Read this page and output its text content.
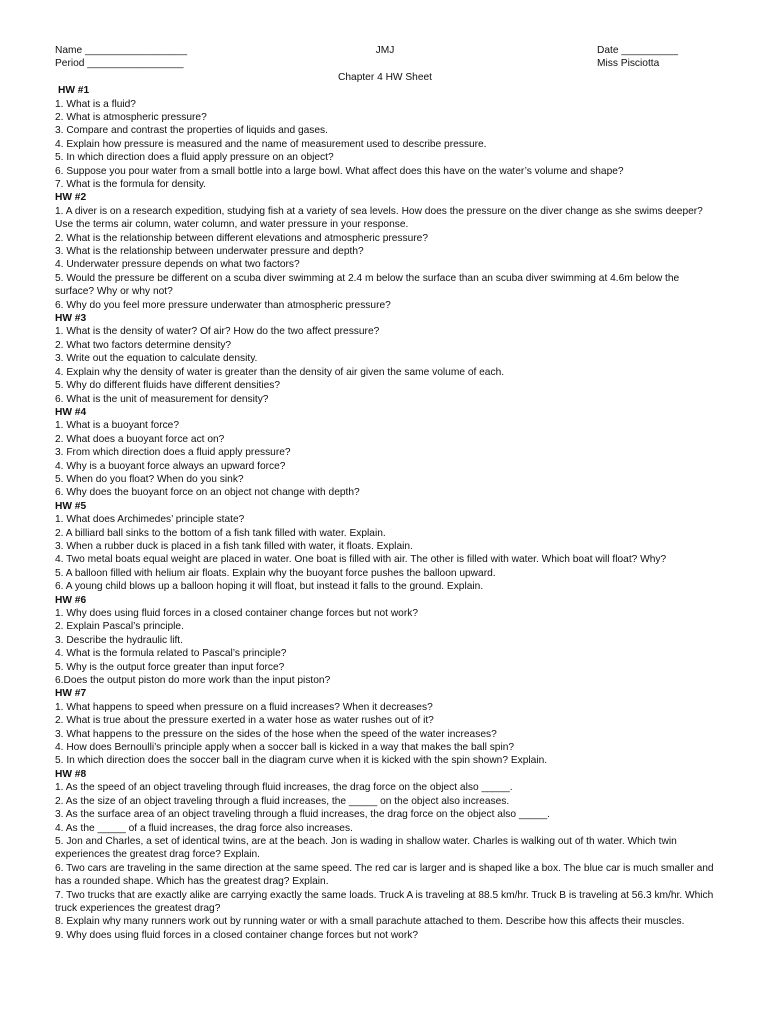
Name __________________	JMJ	Date __________
Period _________________	Miss Pisciotta
Chapter 4 HW Sheet

HW #1

1. What is a fluid?

2. What is atmospheric pressure?

3. Compare and contrast the properties of liquids and gases.

4. Explain how pressure is measured and the name of measurement used to describe pressure.

5. In which direction does a fluid apply pressure on an object?

6. Suppose you pour water from a small bottle into a large bowl. What affect does this have on the water’s volume and shape?

7. What is the formula for density.

HW #2

1. A diver is on a research expedition, studying fish at a variety of sea levels. How does the pressure on the diver change as she swims deeper? Use the terms air column, water column, and water pressure in your response.

2. What is the relationship between different elevations and atmospheric pressure?

3. What is the relationship between underwater pressure and depth?

4. Underwater pressure depends on what two factors?

5. Would the pressure be different on a scuba diver swimming at 2.4 m below the surface than an scuba diver swimming at 4.6m below the surface? Why or why not?

6. Why do you feel more pressure underwater than atmospheric pressure?

HW #3

1. What is the density of water? Of air? How do the two affect pressure?

2. What two factors determine density?

3. Write out the equation to calculate density.

4. Explain why the density of water is greater than the density of air given the same volume of each.

5. Why do different fluids have different densities?

6. What is the unit of measurement for density?

HW #4

1. What is a buoyant force?

2. What does a buoyant force act on?

3. From which direction does a fluid apply pressure?

4. Why is a buoyant force always an upward force?

5. When do you float? When do you sink?

6. Why does the buoyant force on an object not change with depth?

HW #5

1. What does Archimedes’ principle state?

2. A billiard ball sinks to the bottom of a fish tank filled with water. Explain.

3. When a rubber duck is placed in a fish tank filled with water, it floats. Explain.

4. Two metal boats equal weight are placed in water. One boat is filled with air. The other is filled with water. Which boat will float? Why?

5. A balloon filled with helium air floats. Explain why the buoyant force pushes the balloon upward.

6. A young child blows up a balloon hoping it will float, but instead it falls to the ground. Explain.

HW #6

1. Why does using fluid forces in a closed container change forces but not work?

2. Explain Pascal’s principle.

3. Describe the hydraulic lift.

4. What is the formula related to Pascal’s principle?

5. Why is the output force greater than input force?

6.Does the output piston do more work than the input piston?

HW #7

1. What happens to speed when pressure on a fluid increases? When it decreases?

2. What is true about the pressure exerted in a water hose as water rushes out of it?

3. What happens to the pressure on the sides of the hose when the speed of the water increases?

4. How does Bernoulli’s principle apply when a soccer ball is kicked in a way that makes the ball spin?

5. In which direction does the soccer ball in the diagram curve when it is kicked with the spin shown? Explain.

HW #8

1. As the speed of an object traveling through fluid increases, the drag force on the object also _____.

2. As the size of an object traveling through a fluid increases, the _____ on the object also increases.

3. As the surface area of an object traveling through a fluid increases, the drag force on the object also _____.

4. As the _____ of a fluid increases, the drag force also increases.

5. Jon and Charles, a set of identical twins, are at the beach. Jon is wading in shallow water. Charles is walking out of th water. Which twin experiences the greatest drag force? Explain.

6. Two cars are traveling in the same direction at the same speed. The red car is larger and is shaped like a box. The blue car is much smaller and has a rounded shape. Which has the greatest drag? Explain.

7. Two trucks that are exactly alike are carrying exactly the same loads. Truck A is traveling at 88.5 km/hr. Truck B is traveling at 56.3 km/hr. Which truck experiences the greatest drag?

8. Explain why many runners work out by running water or with a small parachute attached to them. Describe how this affects their muscles.

9. Why does using fluid forces in a closed container change forces but not work?
